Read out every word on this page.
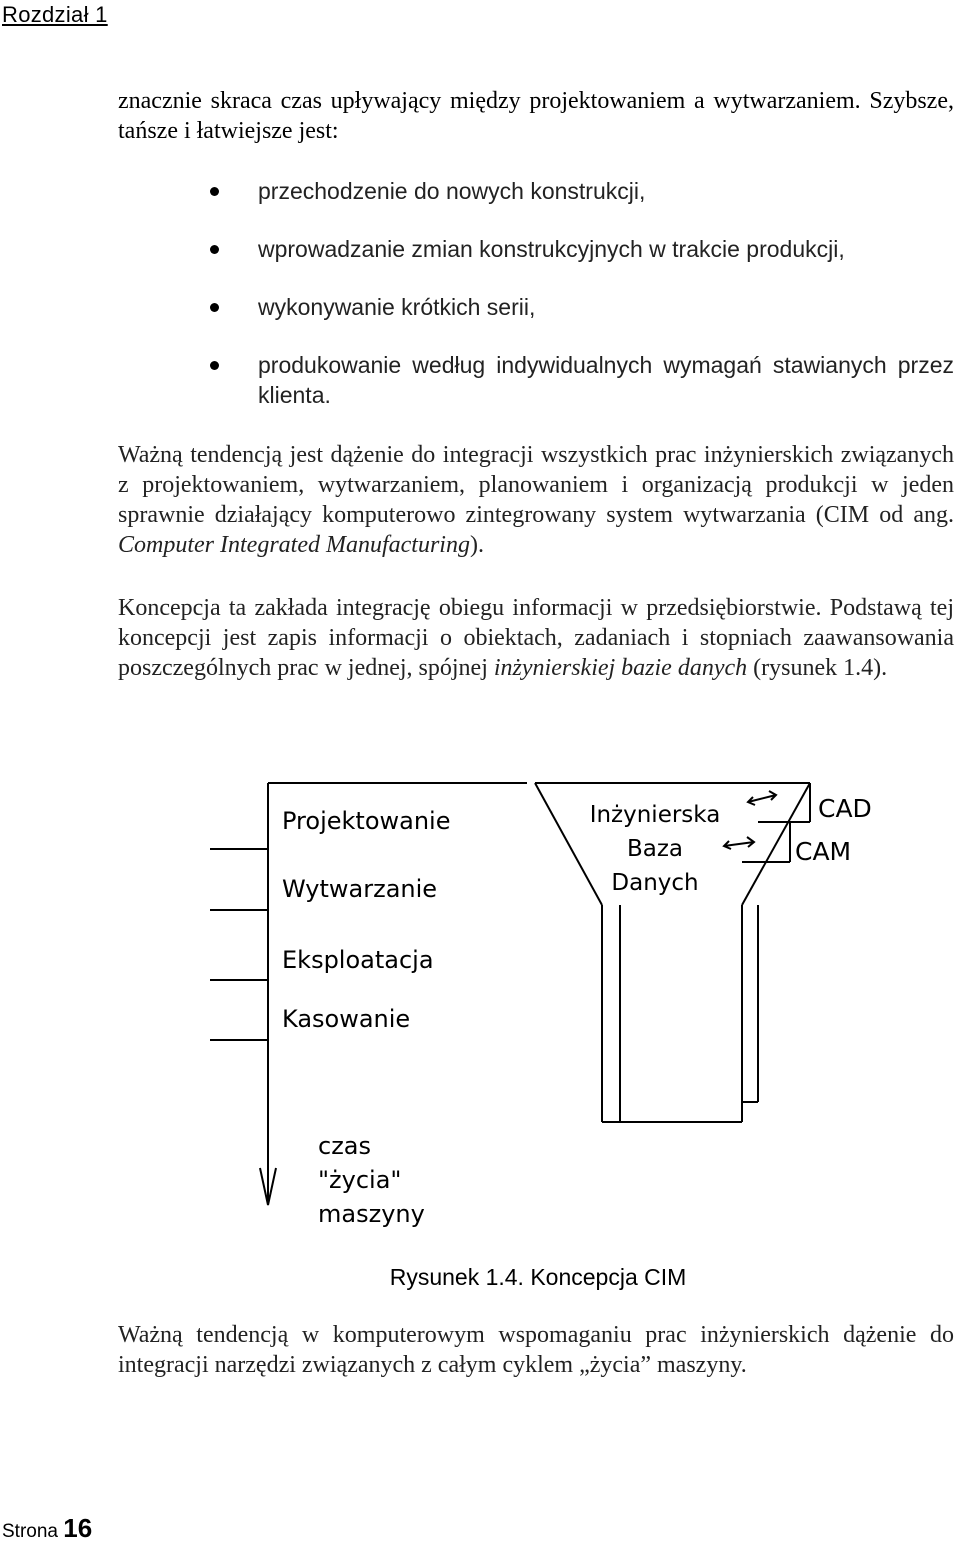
Rozdział 1
znacznie skraca czas upływający między projektowaniem a wytwarzaniem. Szybsze, tańsze i łatwiejsze jest:
przechodzenie do nowych konstrukcji,
wprowadzanie zmian konstrukcyjnych w trakcie produkcji,
wykonywanie krótkich serii,
produkowanie według indywidualnych wymagań stawianych przez klienta.
Ważną tendencją jest dążenie do integracji wszystkich prac inżynierskich związanych z projektowaniem, wytwarzaniem, planowaniem i organizacją produkcji w jeden sprawnie działający komputerowo zintegrowany system wytwarzania (CIM od ang. Computer Integrated Manufacturing).
Koncepcja ta zakłada integrację obiegu informacji w przedsiębiorstwie. Podstawą tej koncepcji jest zapis informacji o obiektach, zadaniach i stopniach zaawansowania poszczególnych prac w jednej, spójnej inżynierskiej bazie danych (rysunek 1.4).
Projektowanie
Wytwarzanie
Eksploatacja
Kasowanie
czas
"życia"
maszyny
Inżynierska
Baza
Danych
CAD
CAM
Rysunek 1.4. Koncepcja CIM
Ważną tendencją w komputerowym wspomaganiu prac inżynierskich dążenie do integracji narzędzi związanych z całym cyklem „życia” maszyny.
Strona 16
